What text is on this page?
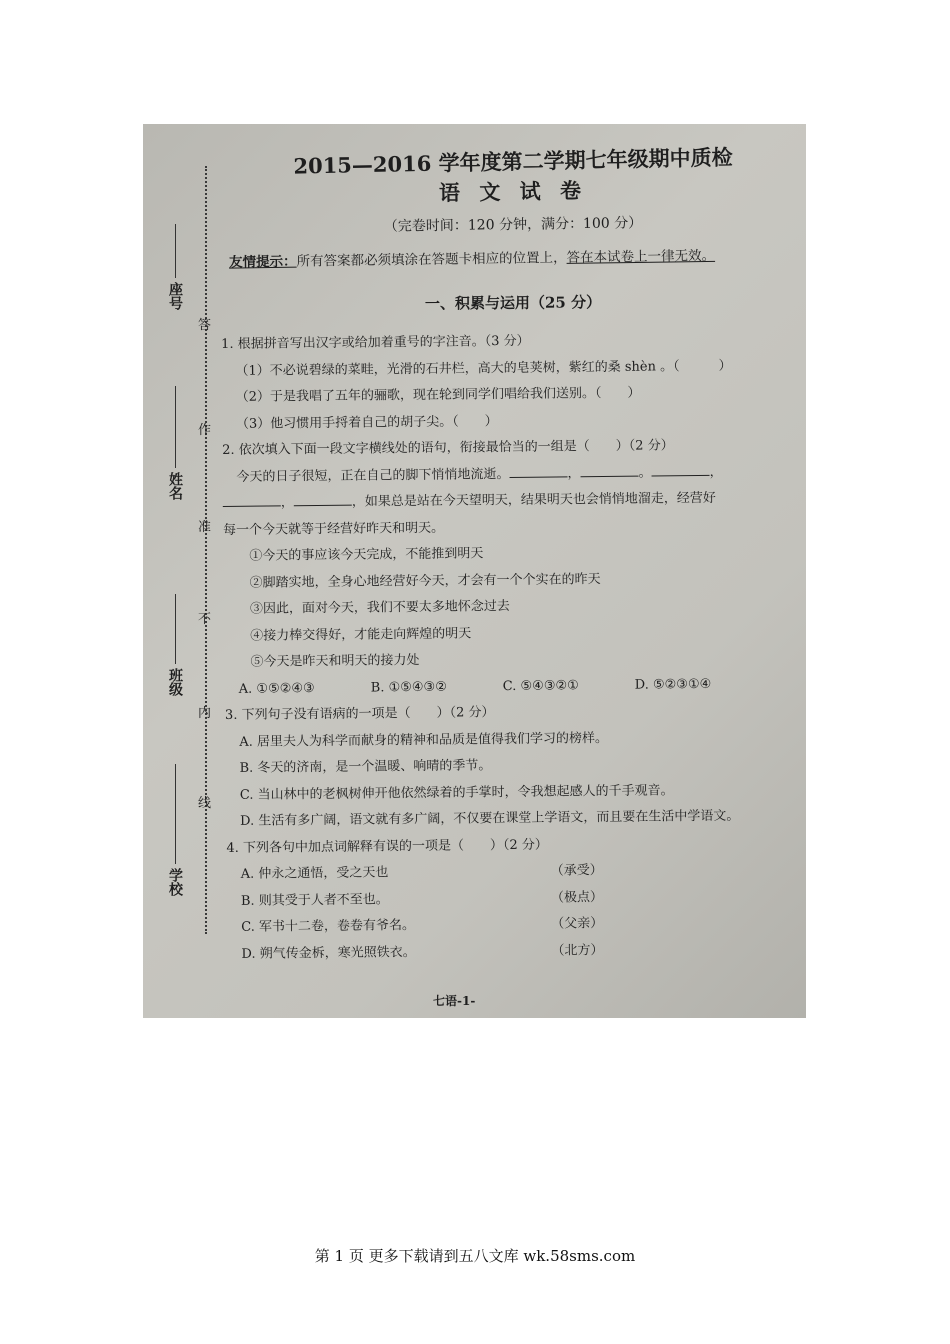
答
作
准
不
内
线
座号
姓名
班级
学校
2015—2016 学年度第二学期七年级期中质检
语 文 试 卷
（完卷时间：120 分钟，满分：100 分）
友情提示：所有答案都必须填涂在答题卡相应的位置上，答在本试卷上一律无效。
一、积累与运用（25 分）
1. 根据拼音写出汉字或给加着重号的字注音。（3 分）
（1）不必说碧绿的菜畦，光滑的石井栏，高大的皂荚树，紫红的桑 shèn 。（　　　）
（2）于是我唱了五年的骊歌，现在轮到同学们唱给我们送别。（　　）
（3）他习惯用手捋着自己的胡子尖。（　　）
2. 依次填入下面一段文字横线处的语句，衔接最恰当的一组是（　　）（2 分）
今天的日子很短，正在自己的脚下悄悄地流逝。	，	。	，
，	，如果总是站在今天望明天，结果明天也会悄悄地溜走，经营好
每一个今天就等于经营好昨天和明天。
①今天的事应该今天完成，不能推到明天
②脚踏实地，全身心地经营好今天，才会有一个个实在的昨天
③因此，面对今天，我们不要太多地怀念过去
④接力棒交得好，才能走向辉煌的明天
⑤今天是昨天和明天的接力处
A. ①⑤②④③	B. ①⑤④③②	C. ⑤④③②①	D. ⑤②③①④
3. 下列句子没有语病的一项是（　　）（2 分）
A. 居里夫人为科学而献身的精神和品质是值得我们学习的榜样。
B. 冬天的济南，是一个温暖、响晴的季节。
C. 当山林中的老枫树伸开他依然绿着的手掌时，令我想起感人的千手观音。
D. 生活有多广阔，语文就有多广阔，不仅要在课堂上学语文，而且要在生活中学语文。
4. 下列各句中加点词解释有误的一项是（　　）（2 分）
A. 仲永之通悟，受之天也	（承受）
B. 则其受于人者不至也。	（极点）
C. 军书十二卷，卷卷有爷名。	（父亲）
D. 朔气传金柝，寒光照铁衣。	（北方）
七语-1-
第 1 页 更多下载请到五八文库 wk.58sms.com
